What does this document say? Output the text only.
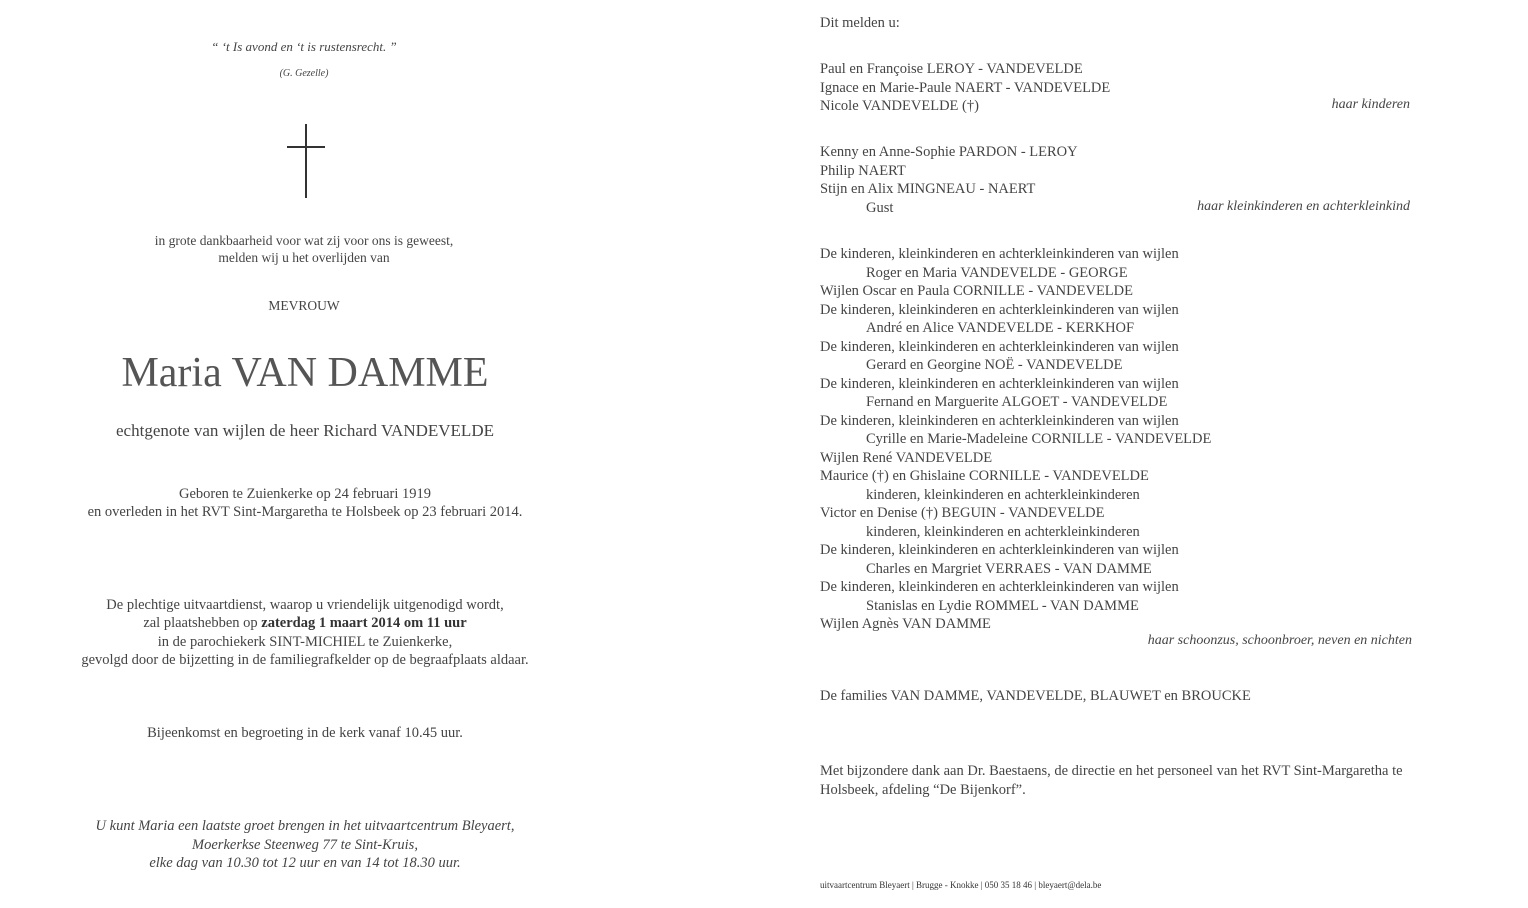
“ ‘t Is avond en ‘t is rustensrecht. ”
(G. Gezelle)
in grote dankbaarheid voor wat zij voor ons is geweest,
melden wij u het overlijden van
MEVROUW
Maria VAN DAMME
echtgenote van wijlen de heer Richard VANDEVELDE
Geboren te Zuienkerke op 24 februari 1919
en overleden in het RVT Sint-Margaretha te Holsbeek op 23 februari 2014.
De plechtige uitvaartdienst, waarop u vriendelijk uitgenodigd wordt,
zal plaatshebben op zaterdag 1 maart 2014 om 11 uur
in de parochiekerk SINT-MICHIEL te Zuienkerke,
gevolgd door de bijzetting in de familiegrafkelder op de begraafplaats aldaar.
Bijeenkomst en begroeting in de kerk vanaf 10.45 uur.
U kunt Maria een laatste groet brengen in het uitvaartcentrum Bleyaert,
Moerkerkse Steenweg 77 te Sint-Kruis,
elke dag van 10.30 tot 12 uur en van 14 tot 18.30 uur.
Dit melden u:
Paul en Françoise LEROY - VANDEVELDE
Ignace en Marie-Paule NAERT - VANDEVELDE
Nicole VANDEVELDE (†)	haar kinderen
Kenny en Anne-Sophie PARDON - LEROY
Philip NAERT
Stijn en Alix MINGNEAU - NAERT
Gust	haar kleinkinderen en achterkleinkind
De kinderen, kleinkinderen en achterkleinkinderen van wijlen
Roger en Maria VANDEVELDE - GEORGE
Wijlen Oscar en Paula CORNILLE - VANDEVELDE
De kinderen, kleinkinderen en achterkleinkinderen van wijlen
André en Alice VANDEVELDE - KERKHOF
De kinderen, kleinkinderen en achterkleinkinderen van wijlen
Gerard en Georgine NOË - VANDEVELDE
De kinderen, kleinkinderen en achterkleinkinderen van wijlen
Fernand en Marguerite ALGOET - VANDEVELDE
De kinderen, kleinkinderen en achterkleinkinderen van wijlen
Cyrille en Marie-Madeleine CORNILLE - VANDEVELDE
Wijlen René VANDEVELDE
Maurice (†) en Ghislaine CORNILLE - VANDEVELDE
kinderen, kleinkinderen en achterkleinkinderen
Victor en Denise (†) BEGUIN - VANDEVELDE
kinderen, kleinkinderen en achterkleinkinderen
De kinderen, kleinkinderen en achterkleinkinderen van wijlen
Charles en Margriet VERRAES - VAN DAMME
De kinderen, kleinkinderen en achterkleinkinderen van wijlen
Stanislas en Lydie ROMMEL - VAN DAMME
Wijlen Agnès VAN DAMME
haar schoonzus, schoonbroer, neven en nichten
De families VAN DAMME, VANDEVELDE, BLAUWET en BROUCKE
Met bijzondere dank aan Dr. Baestaens, de directie en het personeel van het RVT Sint-Margaretha te
Holsbeek, afdeling “De Bijenkorf”.
uitvaartcentrum Bleyaert | Brugge - Knokke | 050 35 18 46 | bleyaert@dela.be
